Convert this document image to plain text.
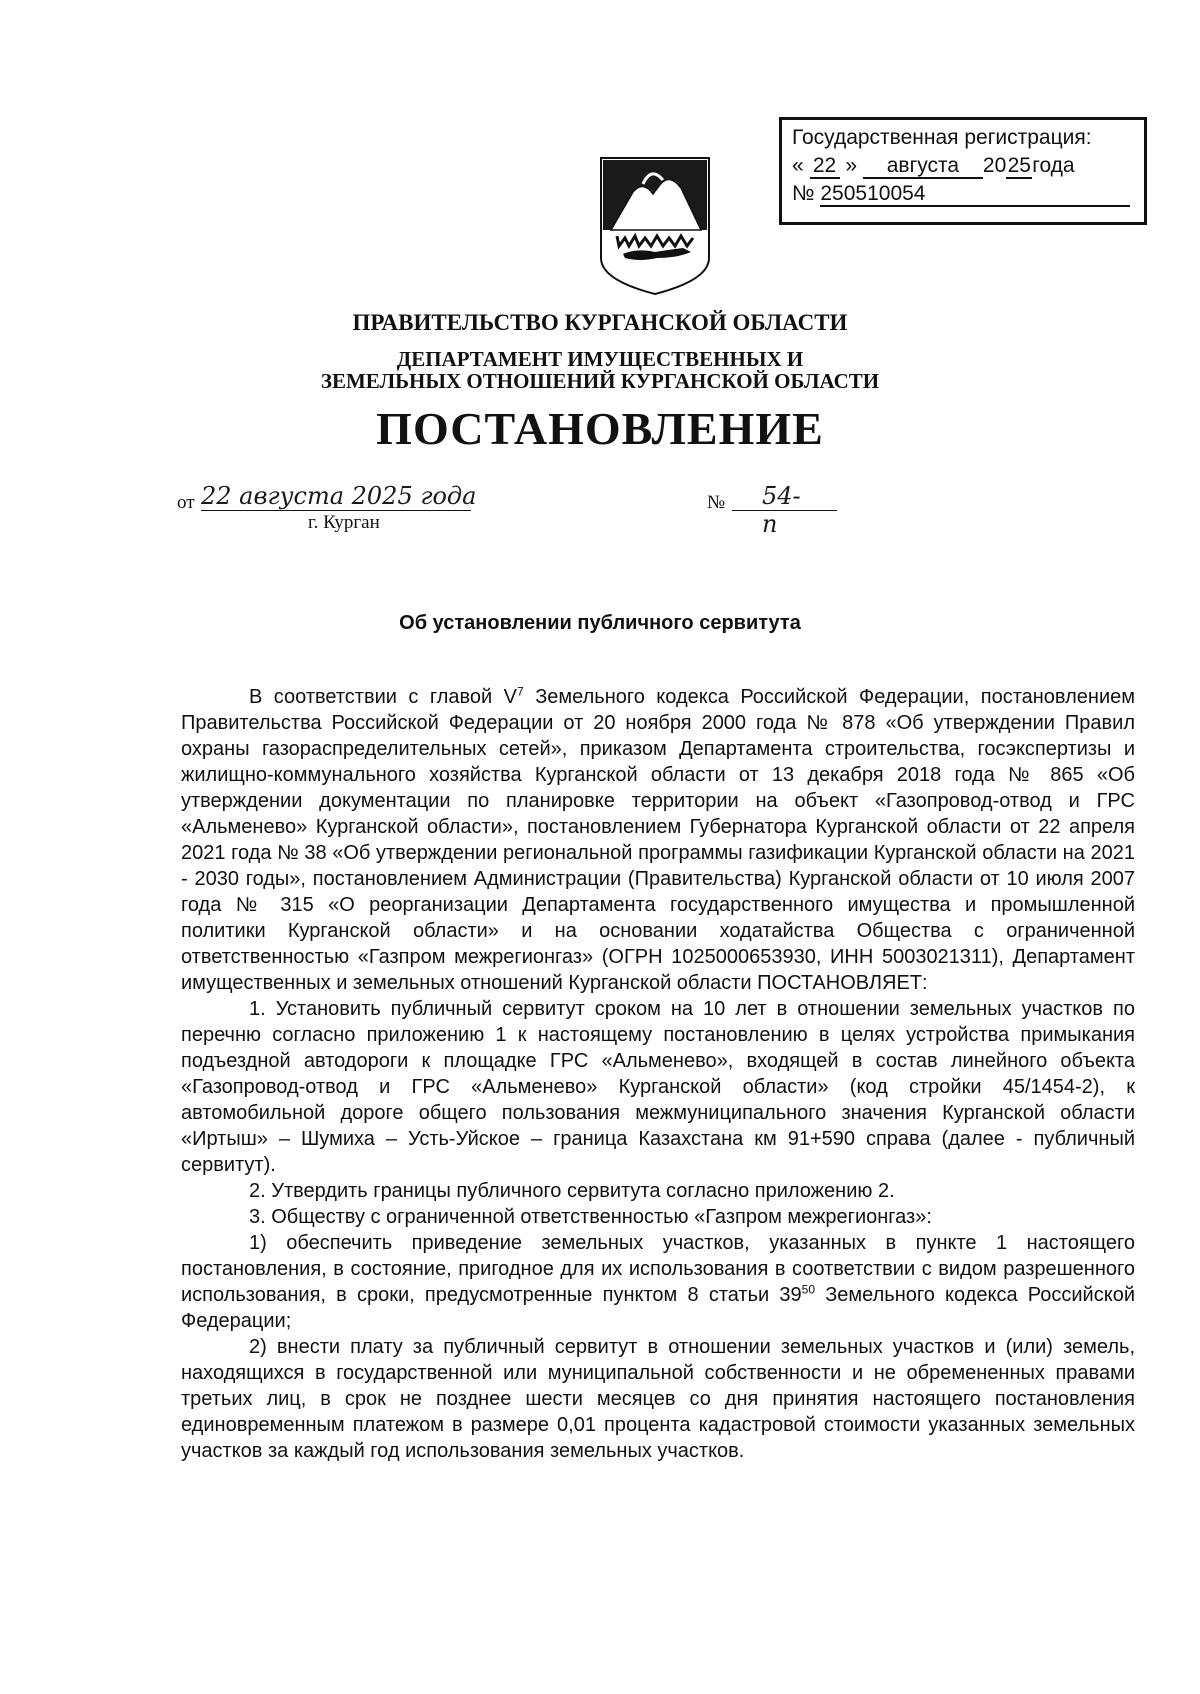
Государственная регистрация:
« 22 » августа 2025года
№ 250510054
ПРАВИТЕЛЬСТВО КУРГАНСКОЙ ОБЛАСТИ
ДЕПАРТАМЕНТ ИМУЩЕСТВЕННЫХ И
ЗЕМЕЛЬНЫХ ОТНОШЕНИЙ КУРГАНСКОЙ ОБЛАСТИ
ПОСТАНОВЛЕНИЕ
от 22 августа 2025 года	№ 54-п
г. Курган
Об установлении публичного сервитута

В соответствии с главой $V^7$ Земельного кодекса Российской Федерации, постановлением Правительства Российской Федерации от 20 ноября 2000 года № 878 «Об утверждении Правил охраны газораспределительных сетей», приказом Департамента строительства, госэкспертизы и жилищно-коммунального хозяйства Курганской области от 13 декабря 2018 года № 865 «Об утверждении документации по планировке территории на объект «Газопровод-отвод и ГРС «Альменево» Курганской области», постановлением Губернатора Курганской области от 22 апреля 2021 года № 38 «Об утверждении региональной программы газификации Курганской области на 2021 - 2030 годы», постановлением Администрации (Правительства) Курганской области от 10 июля 2007 года № 315 «О реорганизации Департамента государственного имущества и промышленной политики Курганской области» и на основании ходатайства Общества с ограниченной ответственностью «Газпром межрегионгаз» (ОГРН 1025000653930, ИНН 5003021311), Департамент имущественных и земельных отношений Курганской области ПОСТАНОВЛЯЕТ:

1. Установить публичный сервитут сроком на 10 лет в отношении земельных участков по перечню согласно приложению 1 к настоящему постановлению в целях устройства примыкания подъездной автодороги к площадке ГРС «Альменево», входящей в состав линейного объекта «Газопровод-отвод и ГРС «Альменево» Курганской области» (код стройки 45/1454-2), к автомобильной дороге общего пользования межмуниципального значения Курганской области «Иртыш» – Шумиха – Усть-Уйское – граница Казахстана км 91+590 справа (далее - публичный сервитут).

2. Утвердить границы публичного сервитута согласно приложению 2.

3. Обществу с ограниченной ответственностью «Газпром межрегионгаз»:

1) обеспечить приведение земельных участков, указанных в пункте 1 настоящего постановления, в состояние, пригодное для их использования в соответствии с видом разрешенного использования, в сроки, предусмотренные пунктом 8 статьи $39^{50}$ Земельного кодекса Российской Федерации;

2) внести плату за публичный сервитут в отношении земельных участков и (или) земель, находящихся в государственной или муниципальной собственности и не обремененных правами третьих лиц, в срок не позднее шести месяцев со дня принятия настоящего постановления единовременным платежом в размере 0,01 процента кадастровой стоимости указанных земельных участков за каждый год использования земельных участков.
